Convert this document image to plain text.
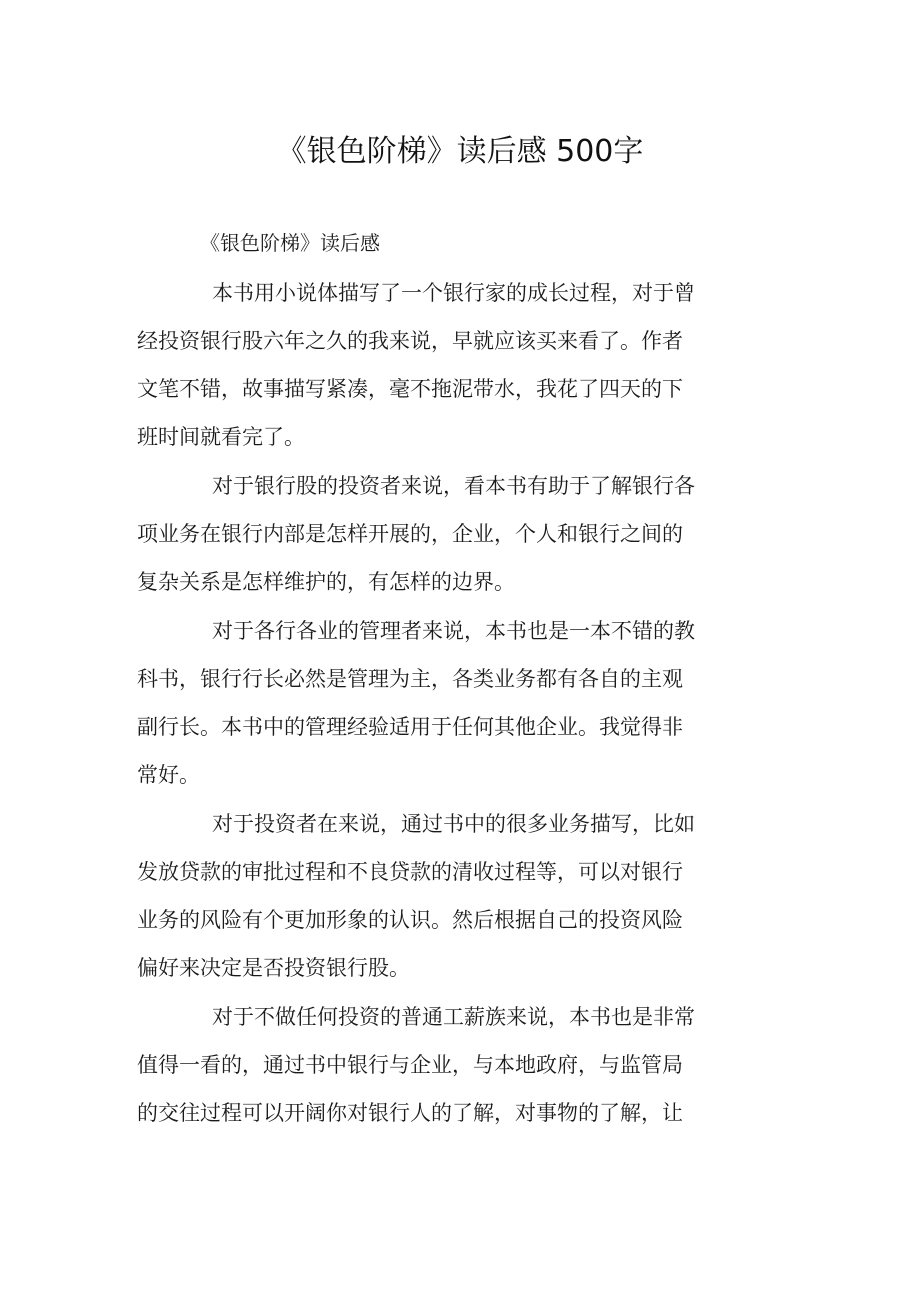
《银色阶梯》读后感 500字
《银色阶梯》读后感
本书用小说体描写了一个银行家的成长过程，对于曾
经投资银行股六年之久的我来说，早就应该买来看了。作者
文笔不错，故事描写紧凑，毫不拖泥带水，我花了四天的下
班时间就看完了。
对于银行股的投资者来说，看本书有助于了解银行各
项业务在银行内部是怎样开展的，企业，个人和银行之间的
复杂关系是怎样维护的，有怎样的边界。
对于各行各业的管理者来说，本书也是一本不错的教
科书，银行行长必然是管理为主，各类业务都有各自的主观
副行长。本书中的管理经验适用于任何其他企业。我觉得非
常好。
对于投资者在来说，通过书中的很多业务描写，比如
发放贷款的审批过程和不良贷款的清收过程等，可以对银行
业务的风险有个更加形象的认识。然后根据自己的投资风险
偏好来决定是否投资银行股。
对于不做任何投资的普通工薪族来说，本书也是非常
值得一看的，通过书中银行与企业，与本地政府，与监管局
的交往过程可以开阔你对银行人的了解，对事物的了解，让
